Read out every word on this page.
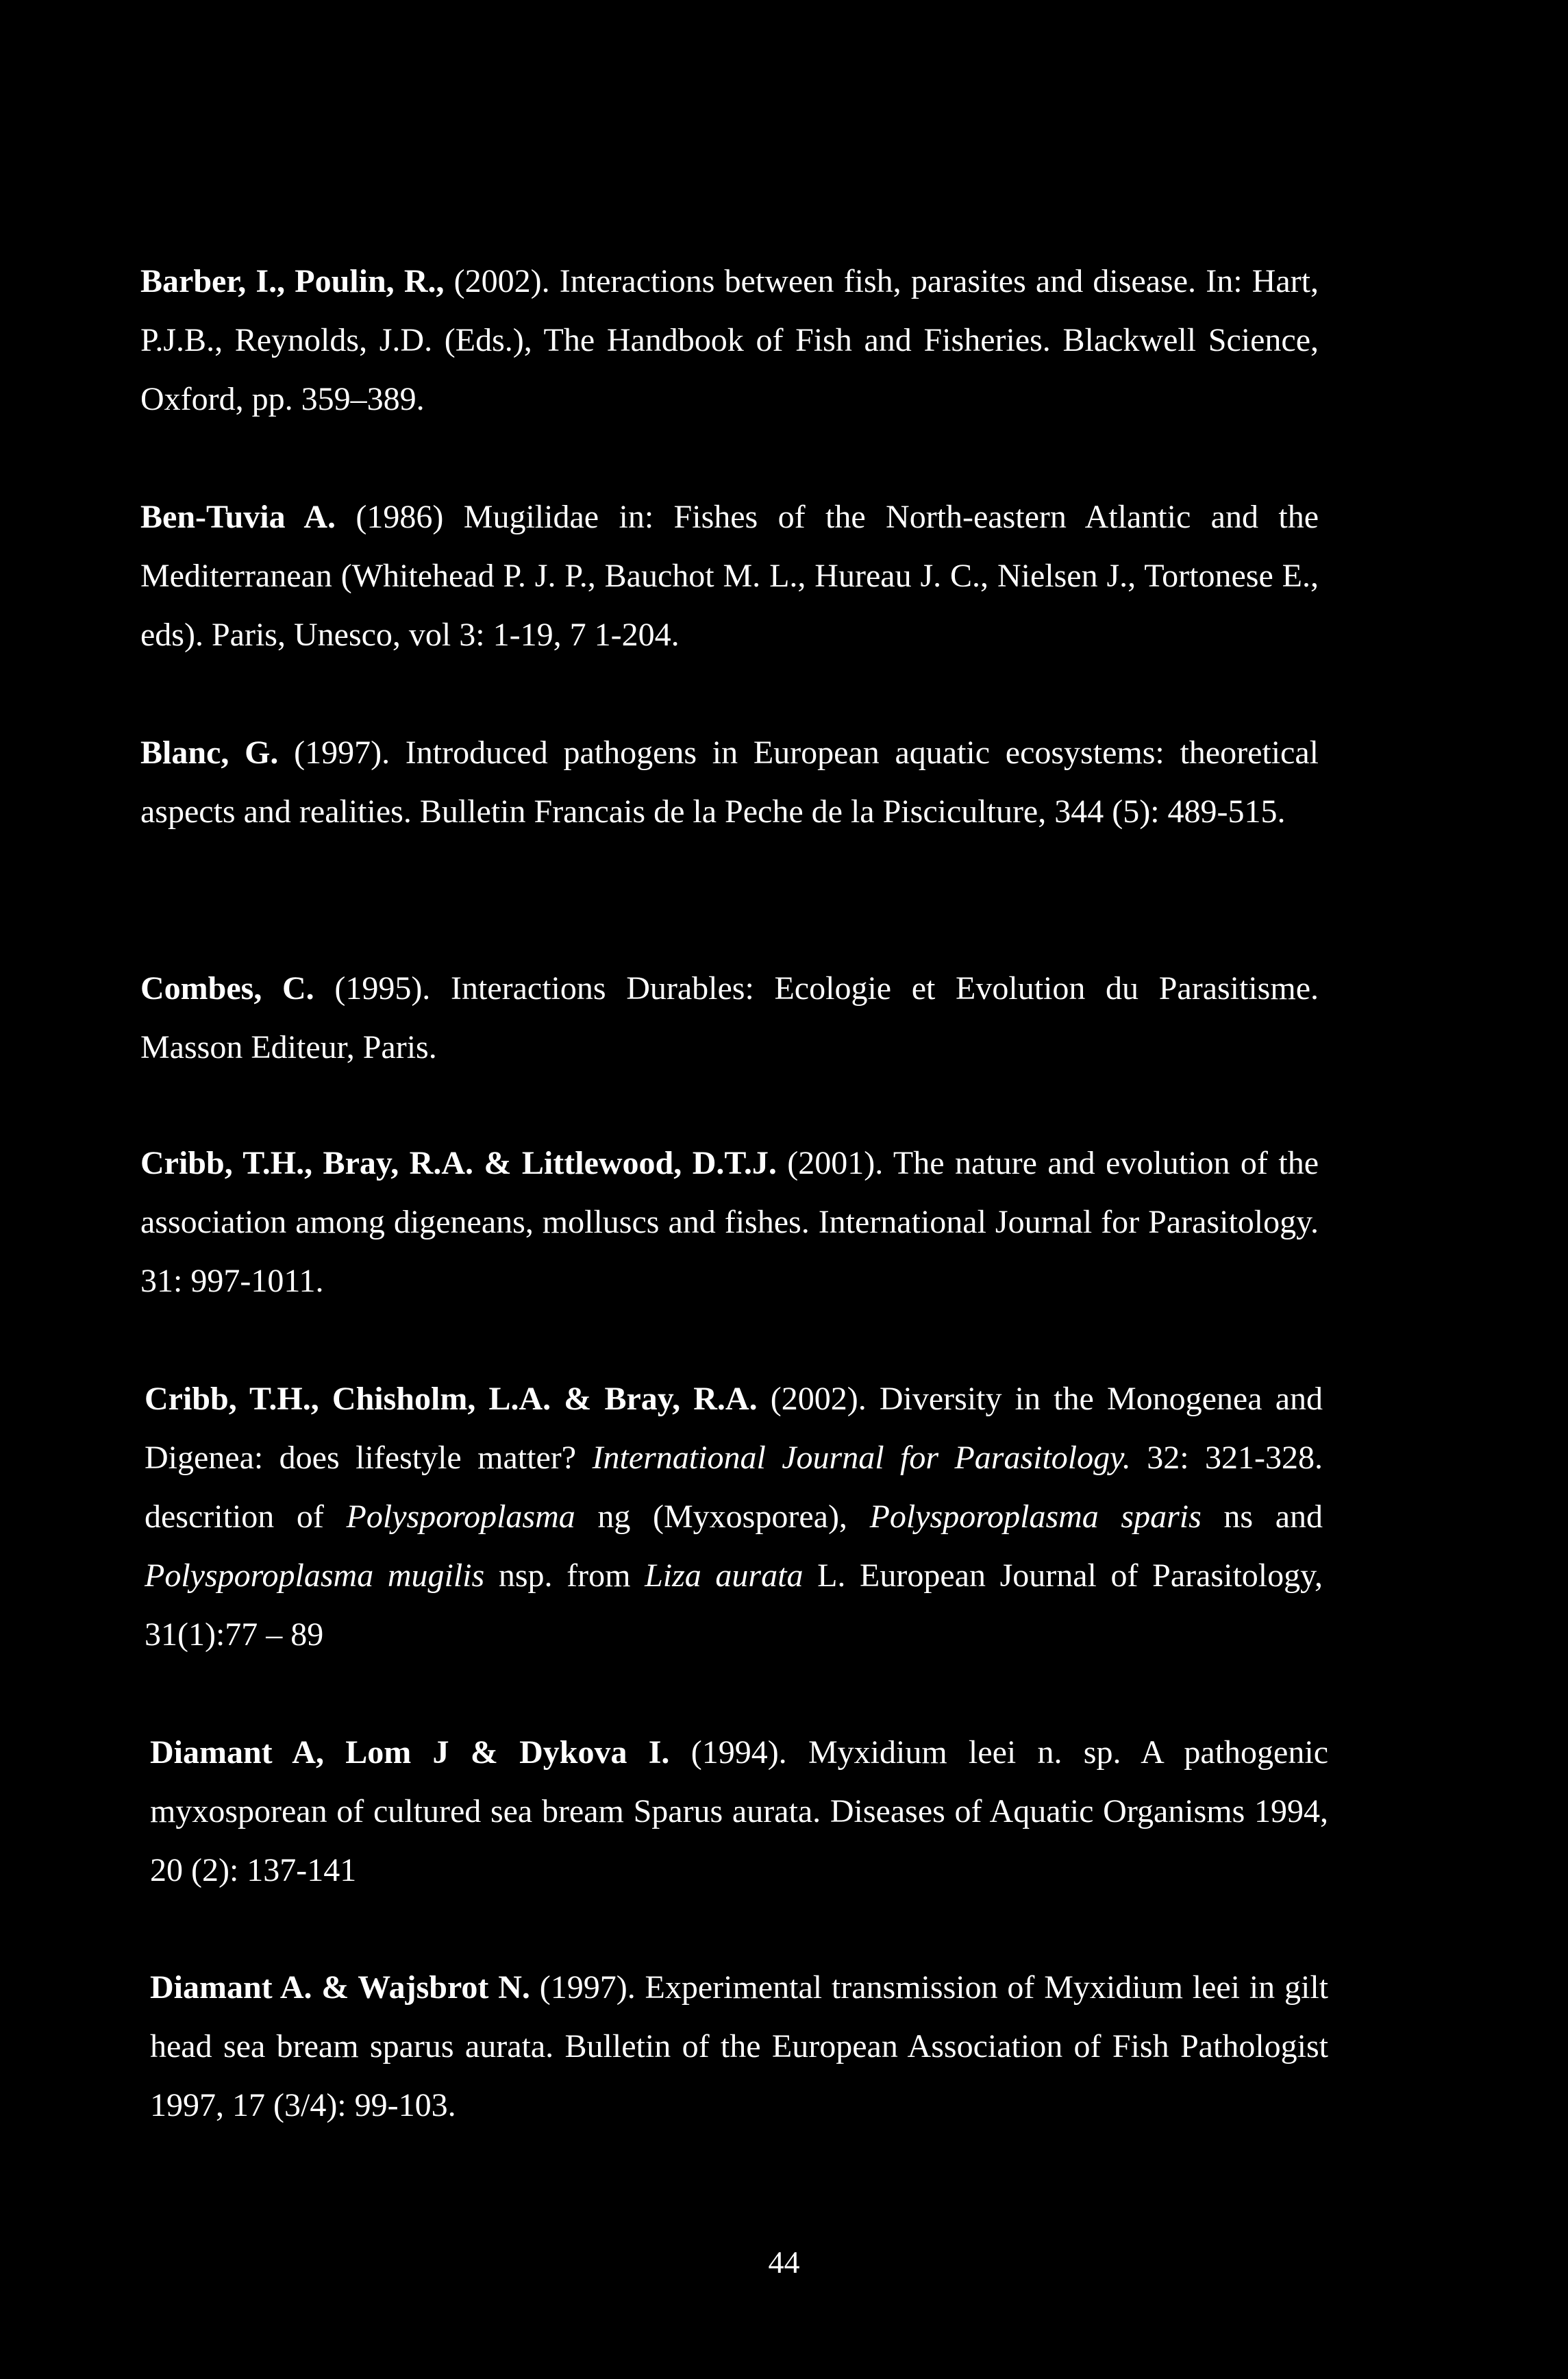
Barber, I., Poulin, R., (2002). Interactions between fish, parasites and disease. In: Hart, P.J.B., Reynolds, J.D. (Eds.), The Handbook of Fish and Fisheries. Blackwell Science, Oxford, pp. 359–389.

Ben-Tuvia A. (1986) Mugilidae in: Fishes of the North-eastern Atlantic and the Mediterranean (Whitehead P. J. P., Bauchot M. L., Hureau J. C., Nielsen J., Tortonese E., eds). Paris, Unesco, vol 3: 1-19, 7 1-204.

Blanc, G. (1997). Introduced pathogens in European aquatic ecosystems: theoretical aspects and realities. Bulletin Francais de la Peche de la Pisciculture, 344 (5): 489-515.

Combes, C. (1995). Interactions Durables: Ecologie et Evolution du Parasitisme. Masson Editeur, Paris.

Cribb, T.H., Bray, R.A. & Littlewood, D.T.J. (2001). The nature and evolution of the association among digeneans, molluscs and fishes. International Journal for Parasitology. 31: 997-1011.

Cribb, T.H., Chisholm, L.A. & Bray, R.A. (2002). Diversity in the Monogenea and Digenea: does lifestyle matter? International Journal for Parasitology. 32: 321-328. descrition of Polysporoplasma ng (Myxosporea), Polysporoplasma sparis ns and Polysporoplasma mugilis nsp. from Liza aurata L. European Journal of Parasitology, 31(1):77 – 89

Diamant A, Lom J & Dykova I. (1994). Myxidium leei n. sp. A pathogenic myxosporean of cultured sea bream Sparus aurata. Diseases of Aquatic Organisms 1994, 20 (2): 137-141

Diamant A. & Wajsbrot N. (1997). Experimental transmission of Myxidium leei in gilt head sea bream sparus aurata. Bulletin of the European Association of Fish Pathologist 1997, 17 (3/4): 99-103.

44
